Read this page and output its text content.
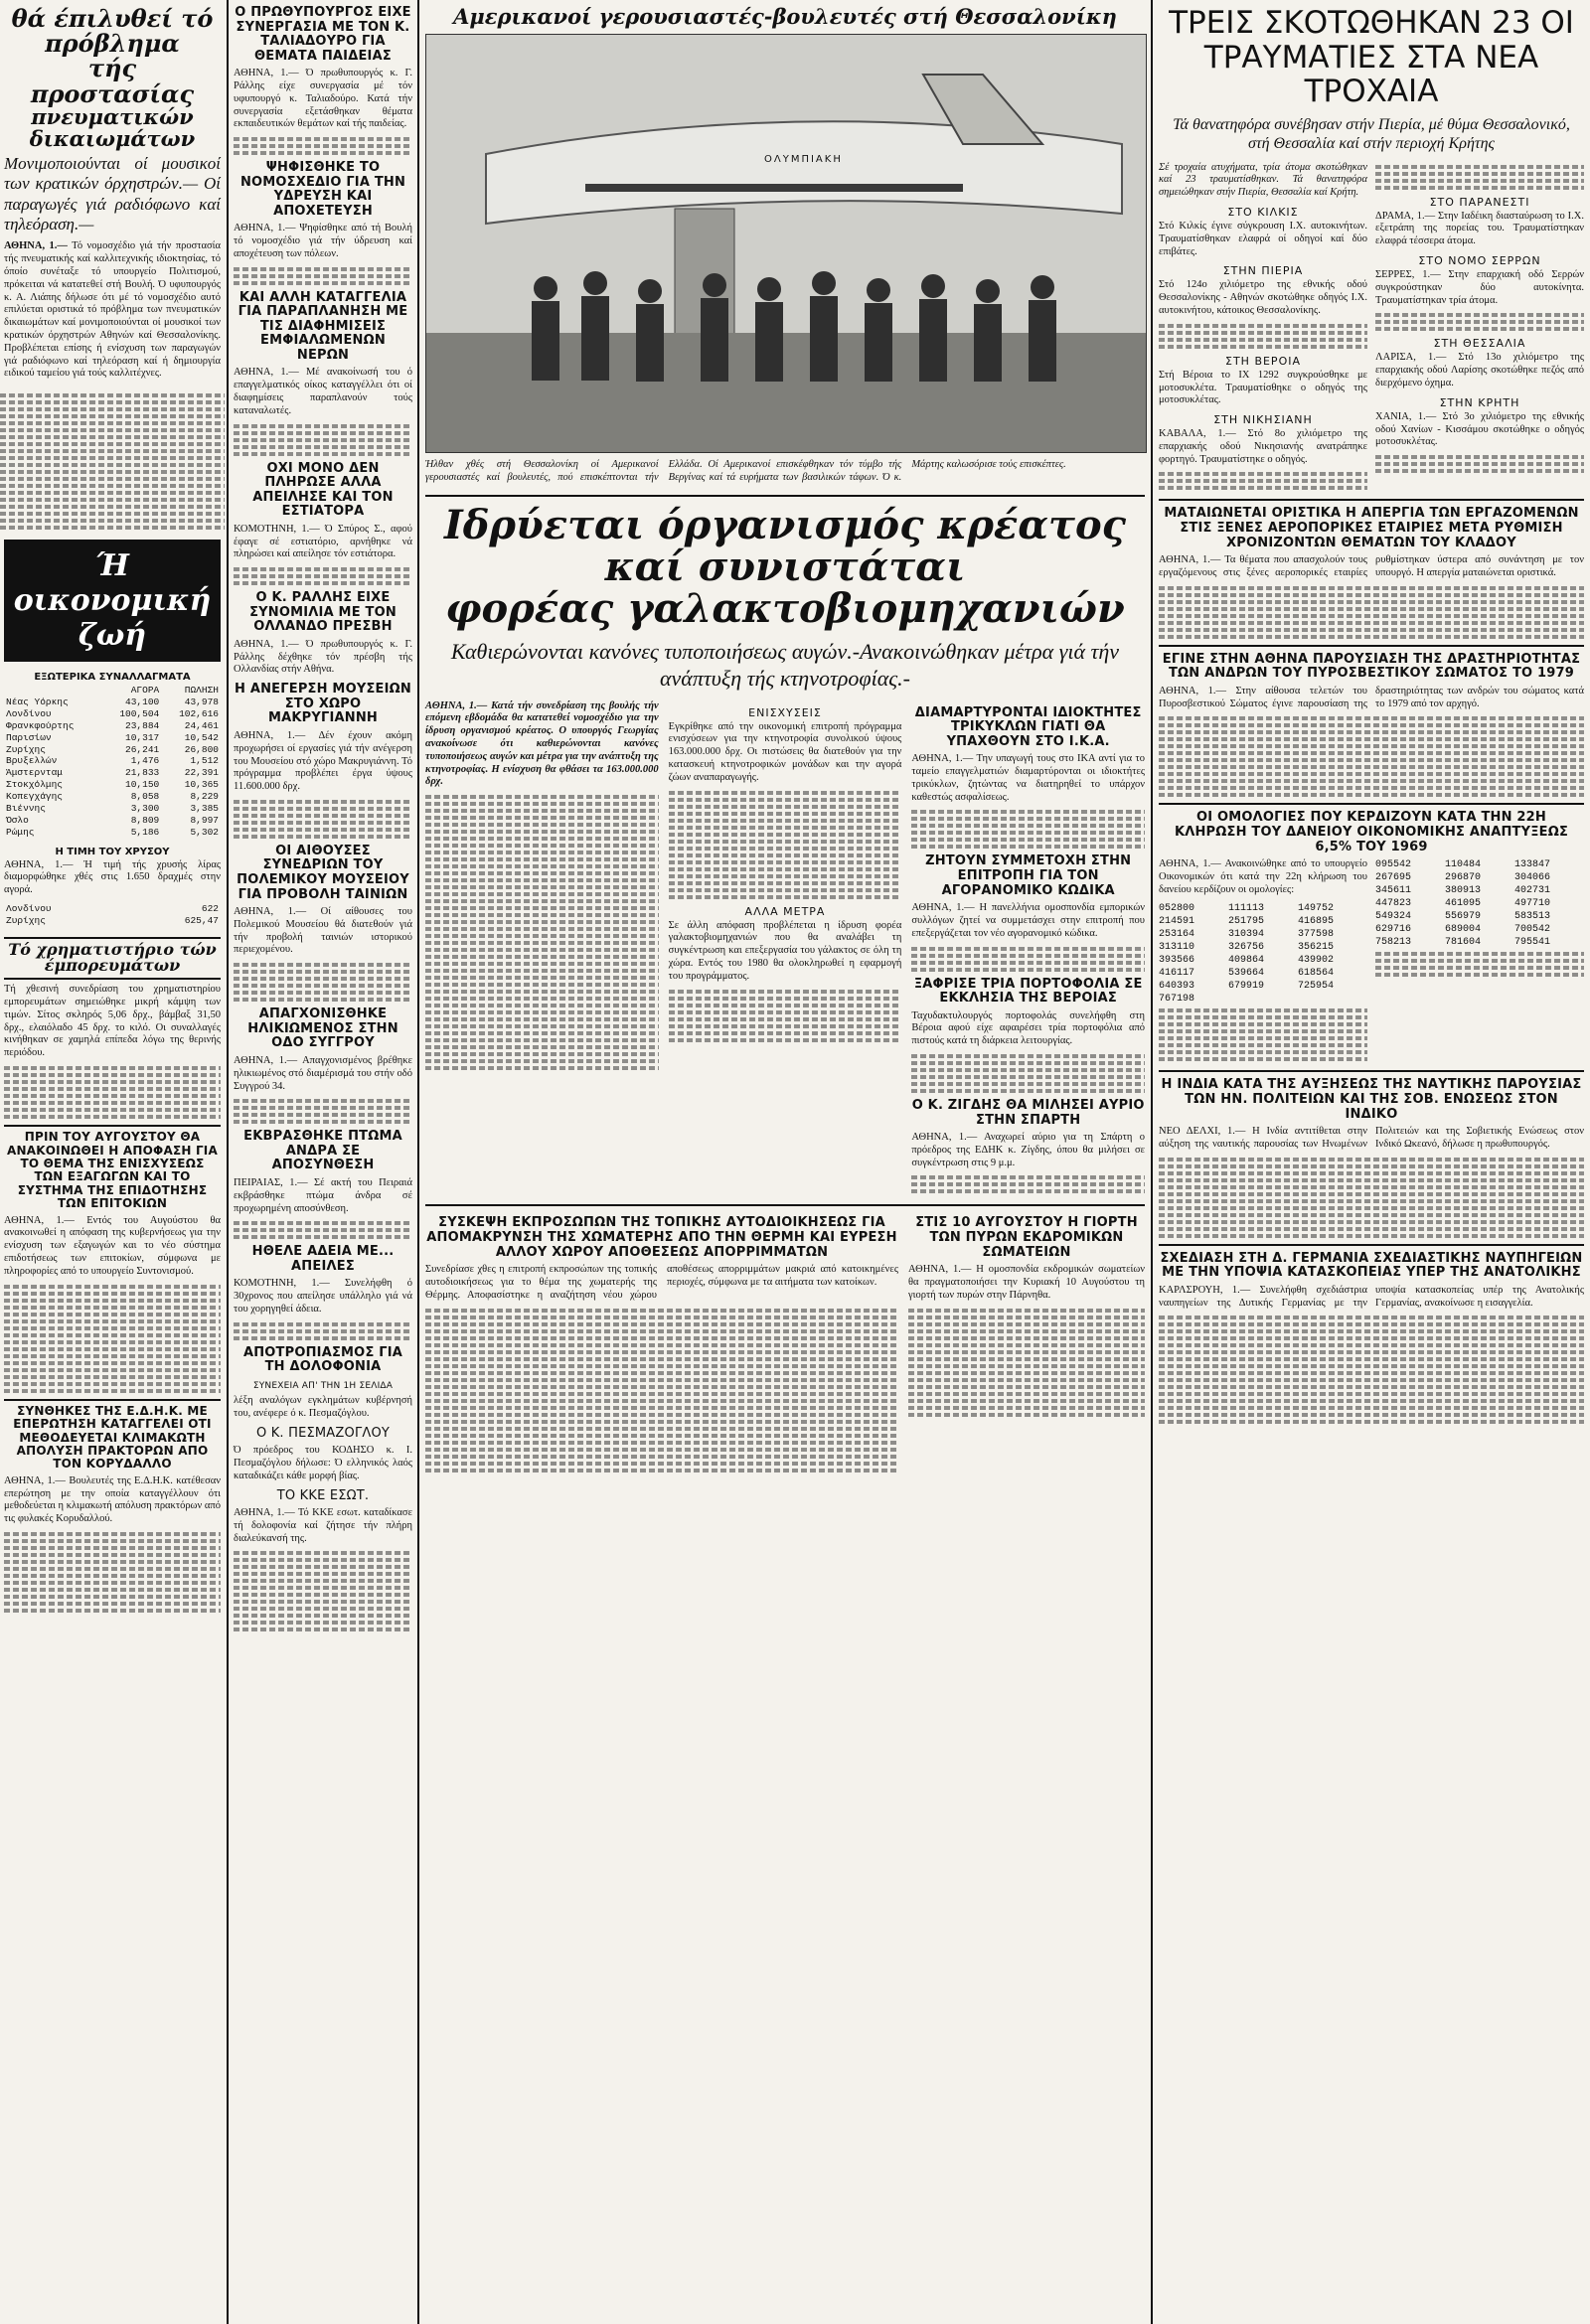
θά έπιλυθεί τό πρόβλημα
τής προστασίας
πνευματικών δικαιωμάτων
Μονιμοποιούνται οί μουσικοί των κρατικών όρχηστρών.— Οί παραγωγές γιά ραδιόφωνο καί τηλεόραση.—
ΑΘΗΝΑ, 1.— Τό νομοσχέδιο γιά τήν προστασία τής πνευματικής καί καλλιτεχνικής ιδιοκτησίας, τό όποίο συνέταξε τό υπουργείο Πολιτισμού, πρόκειται νά κατατεθεί στή Βουλή. Ό υφυπουργός κ. Α. Λιάπης δήλωσε ότι μέ τό νομοσχέδιο αυτό επιλύεται οριστικά τό πρόβλημα των πνευματικών δικαιωμάτων καί μονιμοποιούνται οί μουσικοί των κρατικών όρχηστρών Αθηνών καί Θεσσαλονίκης. Προβλέπεται επίσης ή ενίσχυση των παραγωγών γιά ραδιόφωνο καί τηλεόραση καί ή δημιουργία ειδικού ταμείου γιά τούς καλλιτέχνες.
Ή οικονομική ζωή
ΕΞΩΤΕΡΙΚΑ ΣΥΝΑΛΛΑΓΜΑΤΑ
	ΑΓΟΡΑ	ΠΩΛΗΣΗ
Νέας Υόρκης	43,100	43,978
Λονδίνου	100,504	102,616
Φρανκφούρτης	23,884	24,461
Παρισίων	10,317	10,542
Ζυρίχης	26,241	26,800
Βρυξελλών	1,476	1,512
Άμστερνταμ	21,833	22,391
Στοκχόλμης	10,150	10,365
Κοπεγχάγης	8,058	8,229
Βιέννης	3,300	3,385
Όσλο	8,809	8,997
Ρώμης	5,186	5,302
Η ΤΙΜΗ ΤΟΥ ΧΡΥΣΟΥ
ΑΘΗΝΑ, 1.— Ή τιμή τής χρυσής λίρας διαμορφώθηκε χθές στις 1.650 δραχμές στην αγορά.
Λονδίνου	622
Ζυρίχης	625,47
Τό χρηματιστήριο τών έμπορευμάτων
Τή χθεσινή συνεδρίαση του χρηματιστηρίου εμπορευμάτων σημειώθηκε μικρή κάμψη των τιμών. Σίτος σκληρός 5,06 δρχ., βάμβαξ 31,50 δρχ., ελαιόλαδο 45 δρχ. το κιλό. Οι συναλλαγές κινήθηκαν σε χαμηλά επίπεδα λόγω της θερινής περιόδου.
ΠΡΙΝ ΤΟΥ ΑΥΓΟΥΣΤΟΥ ΘΑ ΑΝΑΚΟΙΝΩΘΕΙ Η ΑΠΟΦΑΣΗ ΓΙΑ ΤΟ ΘΕΜΑ ΤΗΣ ΕΝΙΣΧΥΣΕΩΣ ΤΩΝ ΕΞΑΓΩΓΩΝ ΚΑΙ ΤΟ ΣΥΣΤΗΜΑ ΤΗΣ ΕΠΙΔΟΤΗΣΗΣ ΤΩΝ ΕΠΙΤΟΚΙΩΝ
ΑΘΗΝΑ, 1.— Εντός του Αυγούστου θα ανακοινωθεί η απόφαση της κυβερνήσεως για την ενίσχυση των εξαγωγών και το νέο σύστημα επιδοτήσεως των επιτοκίων, σύμφωνα με πληροφορίες από το υπουργείο Συντονισμού.
ΣΥΝΘΗΚΕΣ ΤΗΣ Ε.Δ.Η.Κ. ΜΕ ΕΠΕΡΩΤΗΣΗ ΚΑΤΑΓΓΕΛΕΙ ΟΤΙ ΜΕΘΟΔΕΥΕΤΑΙ ΚΛΙΜΑΚΩΤΗ ΑΠΟΛΥΣΗ ΠΡΑΚΤΟΡΩΝ ΑΠΟ ΤΟΝ ΚΟΡΥΔΑΛΛΟ
ΑΘΗΝΑ, 1.— Βουλευτές της Ε.Δ.Η.Κ. κατέθεσαν επερώτηση με την οποία καταγγέλλουν ότι μεθοδεύεται η κλιμακωτή απόλυση πρακτόρων από τις φυλακές Κορυδαλλού.
Ο ΠΡΩΘΥΠΟΥΡΓΟΣ ΕΙΧΕ ΣΥΝΕΡΓΑΣΙΑ ΜΕ ΤΟΝ Κ. ΤΑΛΙΑΔΟΥΡΟ ΓΙΑ ΘΕΜΑΤΑ ΠΑΙΔΕΙΑΣ
ΑΘΗΝΑ, 1.— Ό πρωθυπουργός κ. Γ. Ράλλης είχε συνεργασία μέ τόν υφυπουργό κ. Ταλιαδούρο. Κατά τήν συνεργασία εξετάσθηκαν θέματα εκπαιδευτικών θεμάτων καί τής παιδείας.
ΨΗΦΙΣΘΗΚΕ ΤΟ ΝΟΜΟΣΧΕΔΙΟ ΓΙΑ ΤΗΝ ΥΔΡΕΥΣΗ ΚΑΙ ΑΠΟΧΕΤΕΥΣΗ
ΑΘΗΝΑ, 1.— Ψηφίσθηκε από τή Βουλή τό νομοσχέδιο γιά τήν ύδρευση καί αποχέτευση των πόλεων.
ΚΑΙ ΑΛΛΗ ΚΑΤΑΓΓΕΛΙΑ ΓΙΑ ΠΑΡΑΠΛΑΝΗΣΗ ΜΕ ΤΙΣ ΔΙΑΦΗΜΙΣΕΙΣ ΕΜΦΙΑΛΩΜΕΝΩΝ ΝΕΡΩΝ
ΑΘΗΝΑ, 1.— Μέ ανακοίνωσή του ό επαγγελματικός οίκος καταγγέλλει ότι οί διαφημίσεις παραπλανούν τούς καταναλωτές.
ΟΧΙ ΜΟΝΟ ΔΕΝ ΠΛΗΡΩΣΕ ΑΛΛΑ ΑΠΕΙΛΗΣΕ ΚΑΙ ΤΟΝ ΕΣΤΙΑΤΟΡΑ
ΚΟΜΟΤΗΝΗ, 1.— Ό Σπύρος Σ., αφού έφαγε σέ εστιατόριο, αρνήθηκε νά πληρώσει καί απείλησε τόν εστιάτορα.
Ο Κ. ΡΑΛΛΗΣ ΕΙΧΕ ΣΥΝΟΜΙΛΙΑ ΜΕ ΤΟΝ ΟΛΛΑΝΔΟ ΠΡΕΣΒΗ
ΑΘΗΝΑ, 1.— Ό πρωθυπουργός κ. Γ. Ράλλης δέχθηκε τόν πρέσβη τής Ολλανδίας στήν Αθήνα.
Η ΑΝΕΓΕΡΣΗ ΜΟΥΣΕΙΩΝ ΣΤΟ ΧΩΡΟ ΜΑΚΡΥΓΙΑΝΝΗ
ΑΘΗΝΑ, 1.— Δέν έχουν ακόμη προχωρήσει οί εργασίες γιά τήν ανέγερση του Μουσείου στό χώρο Μακρυγιάννη. Τό πρόγραμμα προβλέπει έργα ύψους 11.600.000 δρχ.
ΟΙ ΑΙΘΟΥΣΕΣ ΣΥΝΕΔΡΙΩΝ ΤΟΥ ΠΟΛΕΜΙΚΟΥ ΜΟΥΣΕΙΟΥ ΓΙΑ ΠΡΟΒΟΛΗ ΤΑΙΝΙΩΝ
ΑΘΗΝΑ, 1.— Οί αίθουσες του Πολεμικού Μουσείου θά διατεθούν γιά τήν προβολή ταινιών ιστορικού περιεχομένου.
ΑΠΑΓΧΟΝΙΣΘΗΚΕ ΗΛΙΚΙΩΜΕΝΟΣ ΣΤΗΝ ΟΔΟ ΣΥΓΓΡΟΥ
ΑΘΗΝΑ, 1.— Απαγχονισμένος βρέθηκε ηλικιωμένος στό διαμέρισμά του στήν οδό Συγγρού 34.
ΕΚΒΡΑΣΘΗΚΕ ΠΤΩΜΑ ΑΝΔΡΑ ΣΕ ΑΠΟΣΥΝΘΕΣΗ
ΠΕΙΡΑΙΑΣ, 1.— Σέ ακτή του Πειραιά εκβράσθηκε πτώμα άνδρα σέ προχωρημένη αποσύνθεση.
ΗΘΕΛΕ ΑΔΕΙΑ ΜΕ... ΑΠΕΙΛΕΣ
ΚΟΜΟΤΗΝΗ, 1.— Συνελήφθη ό 30χρονος που απείλησε υπάλληλο γιά νά του χορηγηθεί άδεια.
ΑΠΟΤΡΟΠΙΑΣΜΟΣ ΓΙΑ ΤΗ ΔΟΛΟΦΟΝΙΑ
ΣΥΝΕΧΕΙΑ ΑΠ' ΤΗΝ 1Η ΣΕΛΙΔΑ
λέξη αναλόγων εγκλημάτων κυβέρνησή του, ανέφερε ό κ. Πεσμαζόγλου.
Ο Κ. ΠΕΣΜΑΖΟΓΛΟΥ
Ό πρόεδρος του ΚΟΔΗΣΟ κ. Ι. Πεσμαζόγλου δήλωσε: Ό ελληνικός λαός καταδικάζει κάθε μορφή βίας.
ΤΟ ΚΚΕ ΕΣΩΤ.
ΑΘΗΝΑ, 1.— Τό ΚΚΕ εσωτ. καταδίκασε τή δολοφονία καί ζήτησε τήν πλήρη διαλεύκανσή της.
Αμερικανοί γερουσιαστές-βουλευτές στή Θεσσαλονίκη
ΟΛΥΜΠΙΑΚΗ
Ήλθαν χθές στή Θεσσαλονίκη οί Αμερικανοί γερουσιαστές καί βουλευτές, πού επισκέπτονται τήν Ελλάδα. Οί Αμερικανοί επισκέφθηκαν τόν τύμβο τής Βεργίνας καί τά ευρήματα των βασιλικών τάφων. Ό κ. Μάρτης καλωσόρισε τούς επισκέπτες.
Ιδρύεται όργανισμός κρέατος
καί συνιστάται
φορέας γαλακτοβιομηχανιών
Καθιερώνονται κανόνες τυποποιήσεως αυγών.-Ανακοινώθηκαν μέτρα γιά τήν ανάπτυξη τής κτηνοτροφίας.-
ΑΘΗΝΑ, 1.— Κατά τήν συνεδρίαση της βουλής τήν επόμενη εβδομάδα θα κατατεθεί νομοσχέδιο για την ίδρυση οργανισμού κρέατος. Ο υπουργός Γεωργίας ανακοίνωσε ότι καθιερώνονται κανόνες τυποποιήσεως αυγών και μέτρα για την ανάπτυξη της κτηνοτροφίας. Η ενίσχυση θα φθάσει τα 163.000.000 δρχ.
ΕΝΙΣΧΥΣΕΙΣ
Εγκρίθηκε από την οικονομική επιτροπή πρόγραμμα ενισχύσεων για την κτηνοτροφία συνολικού ύψους 163.000.000 δρχ. Οι πιστώσεις θα διατεθούν για την κατασκευή κτηνοτροφικών μονάδων και την αγορά ζώων αναπαραγωγής.
ΑΛΛΑ ΜΕΤΡΑ
Σε άλλη απόφαση προβλέπεται η ίδρυση φορέα γαλακτοβιομηχανιών που θα αναλάβει τη συγκέντρωση και επεξεργασία του γάλακτος σε όλη τη χώρα. Εντός του 1980 θα ολοκληρωθεί η εφαρμογή του προγράμματος.
ΔΙΑΜΑΡΤΥΡΟΝΤΑΙ ΙΔΙΟΚΤΗΤΕΣ ΤΡΙΚΥΚΛΩΝ ΓΙΑΤΙ ΘΑ ΥΠΑΧΘΟΥΝ ΣΤΟ Ι.Κ.Α.
ΑΘΗΝΑ, 1.— Την υπαγωγή τους στο ΙΚΑ αντί για το ταμείο επαγγελματιών διαμαρτύρονται οι ιδιοκτήτες τρικύκλων, ζητώντας να διατηρηθεί το υπάρχον καθεστώς ασφαλίσεως.
ΖΗΤΟΥΝ ΣΥΜΜΕΤΟΧΗ ΣΤΗΝ ΕΠΙΤΡΟΠΗ ΓΙΑ ΤΟΝ ΑΓΟΡΑΝΟΜΙΚΟ ΚΩΔΙΚΑ
ΑΘΗΝΑ, 1.— Η πανελλήνια ομοσπονδία εμπορικών συλλόγων ζητεί να συμμετάσχει στην επιτροπή που επεξεργάζεται τον νέο αγορανομικό κώδικα.
ΞΑΦΡΙΣΕ ΤΡΙΑ ΠΟΡΤΟΦΟΛΙΑ ΣΕ ΕΚΚΛΗΣΙΑ ΤΗΣ ΒΕΡΟΙΑΣ
Ταχυδακτυλουργός πορτοφολάς συνελήφθη στη Βέροια αφού είχε αφαιρέσει τρία πορτοφόλια από πιστούς κατά τη διάρκεια λειτουργίας.
Ο Κ. ΖΙΓΔΗΣ ΘΑ ΜΙΛΗΣΕΙ ΑΥΡΙΟ ΣΤΗΝ ΣΠΑΡΤΗ
ΑΘΗΝΑ, 1.— Αναχωρεί αύριο για τη Σπάρτη ο πρόεδρος της ΕΔΗΚ κ. Ζίγδης, όπου θα μιλήσει σε συγκέντρωση στις 9 μ.μ.
ΣΥΣΚΕΨΗ ΕΚΠΡΟΣΩΠΩΝ ΤΗΣ ΤΟΠΙΚΗΣ ΑΥΤΟΔΙΟΙΚΗΣΕΩΣ ΓΙΑ ΑΠΟΜΑΚΡΥΝΣΗ ΤΗΣ ΧΩΜΑΤΕΡΗΣ ΑΠΟ ΤΗΝ ΘΕΡΜΗ ΚΑΙ ΕΥΡΕΣΗ ΑΛΛΟΥ ΧΩΡΟΥ ΑΠΟΘΕΣΕΩΣ ΑΠΟΡΡΙΜΜΑΤΩΝ
Συνεδρίασε χθες η επιτροπή εκπροσώπων της τοπικής αυτοδιοικήσεως για το θέμα της χωματερής της Θέρμης. Αποφασίστηκε η αναζήτηση νέου χώρου αποθέσεως απορριμμάτων μακριά από κατοικημένες περιοχές, σύμφωνα με τα αιτήματα των κατοίκων.
ΣΤΙΣ 10 ΑΥΓΟΥΣΤΟΥ Η ΓΙΟΡΤΗ ΤΩΝ ΠΥΡΩΝ ΕΚΔΡΟΜΙΚΩΝ ΣΩΜΑΤΕΙΩΝ
ΑΘΗΝΑ, 1.— Η ομοσπονδία εκδρομικών σωματείων θα πραγματοποιήσει την Κυριακή 10 Αυγούστου τη γιορτή των πυρών στην Πάρνηθα.
ΤΡΕΙΣ ΣΚΟΤΩΘΗΚΑΝ 23 ΟΙ ΤΡΑΥΜΑΤΙΕΣ ΣΤΑ ΝΕΑ ΤΡΟΧΑΙΑ
Τά θανατηφόρα συνέβησαν στήν Πιερία, μέ θύμα Θεσσαλονικό, στή Θεσσαλία καί στήν περιοχή Κρήτης
Σέ τροχαία ατυχήματα, τρία άτομα σκοτώθηκαν καί 23 τραυματίσθηκαν. Τά θανατηφόρα σημειώθηκαν στήν Πιερία, Θεσσαλία καί Κρήτη.
ΣΤΟ ΚΙΛΚΙΣ
Στό Κιλκίς έγινε σύγκρουση Ι.Χ. αυτοκινήτων. Τραυματίσθηκαν ελαφρά οί οδηγοί καί δύο επιβάτες.
ΣΤΗΝ ΠΙΕΡΙΑ
Στό 124ο χιλιόμετρο της εθνικής οδού Θεσσαλονίκης - Αθηνών σκοτώθηκε οδηγός Ι.Χ. αυτοκινήτου, κάτοικος Θεσσαλονίκης.
ΣΤΗ ΒΕΡΟΙΑ
Στή Βέροια το ΙΧ 1292 συγκρούσθηκε με μοτοσυκλέτα. Τραυματίσθηκε ο οδηγός της μοτοσυκλέτας.
ΣΤΗ ΝΙΚΗΣΙΑΝΗ
ΚΑΒΑΛΑ, 1.— Στό 8ο χιλιόμετρο της επαρχιακής οδού Νικησιανής ανατράπηκε φορτηγό. Τραυματίστηκε ο οδηγός.
ΣΤΟ ΠΑΡΑΝΕΣΤΙ
ΔΡΑΜΑ, 1.— Στην Ιαδέικη διασταύρωση το Ι.Χ. εξετράπη της πορείας του. Τραυματίστηκαν ελαφρά τέσσερα άτομα.
ΣΤΟ ΝΟΜΟ ΣΕΡΡΩΝ
ΣΕΡΡΕΣ, 1.— Στην επαρχιακή οδό Σερρών συγκρούστηκαν δύο αυτοκίνητα. Τραυματίστηκαν τρία άτομα.
ΣΤΗ ΘΕΣΣΑΛΙΑ
ΛΑΡΙΣΑ, 1.— Στό 13ο χιλιόμετρο της επαρχιακής οδού Λαρίσης σκοτώθηκε πεζός από διερχόμενο όχημα.
ΣΤΗΝ ΚΡΗΤΗ
ΧΑΝΙΑ, 1.— Στό 3ο χιλιόμετρο της εθνικής οδού Χανίων - Κισσάμου σκοτώθηκε ο οδηγός μοτοσυκλέτας.
ΜΑΤΑΙΩΝΕΤΑΙ ΟΡΙΣΤΙΚΑ Η ΑΠΕΡΓΙΑ ΤΩΝ ΕΡΓΑΖΟΜΕΝΩΝ ΣΤΙΣ ΞΕΝΕΣ ΑΕΡΟΠΟΡΙΚΕΣ ΕΤΑΙΡΙΕΣ ΜΕΤΑ ΡΥΘΜΙΣΗ ΧΡΟΝΙΖΟΝΤΩΝ ΘΕΜΑΤΩΝ ΤΟΥ ΚΛΑΔΟΥ
ΑΘΗΝΑ, 1.— Τα θέματα που απασχολούν τους εργαζόμενους στις ξένες αεροπορικές εταιρίες ρυθμίστηκαν ύστερα από συνάντηση με τον υπουργό. Η απεργία ματαιώνεται οριστικά.
ΕΓΙΝΕ ΣΤΗΝ ΑΘΗΝΑ ΠΑΡΟΥΣΙΑΣΗ ΤΗΣ ΔΡΑΣΤΗΡΙΟΤΗΤΑΣ ΤΩΝ ΑΝΔΡΩΝ ΤΟΥ ΠΥΡΟΣΒΕΣΤΙΚΟΥ ΣΩΜΑΤΟΣ ΤΟ 1979
ΑΘΗΝΑ, 1.— Στην αίθουσα τελετών του Πυροσβεστικού Σώματος έγινε παρουσίαση της δραστηριότητας των ανδρών του σώματος κατά το 1979 από τον αρχηγό.
ΟΙ ΟΜΟΛΟΓΙΕΣ ΠΟΥ ΚΕΡΔΙΖΟΥΝ ΚΑΤΑ ΤΗΝ 22Η ΚΛΗΡΩΣΗ ΤΟΥ ΔΑΝΕΙΟΥ ΟΙΚΟΝΟΜΙΚΗΣ ΑΝΑΠΤΥΞΕΩΣ 6,5% ΤΟΥ 1969
ΑΘΗΝΑ, 1.— Ανακοινώθηκε από το υπουργείο Οικονομικών ότι κατά την 22η κλήρωση του δανείου κερδίζουν οι ομολογίες:
052800	111113	149752
214591	251795	416895
253164	310394	377598
313110	326756	356215
393566	409864	439902
416117	539664	618564
640393	679919	725954
767198
095542	110484	133847
267695	296870	304066
345611	380913	402731
447823	461095	497710
549324	556979	583513
629716	689004	700542
758213	781604	795541
Η ΙΝΔΙΑ ΚΑΤΑ ΤΗΣ ΑΥΞΗΣΕΩΣ ΤΗΣ ΝΑΥΤΙΚΗΣ ΠΑΡΟΥΣΙΑΣ ΤΩΝ ΗΝ. ΠΟΛΙΤΕΙΩΝ ΚΑΙ ΤΗΣ ΣΟΒ. ΕΝΩΣΕΩΣ ΣΤΟΝ ΙΝΔΙΚΟ
ΝΕΟ ΔΕΛΧΙ, 1.— Η Ινδία αντιτίθεται στην αύξηση της ναυτικής παρουσίας των Ηνωμένων Πολιτειών και της Σοβιετικής Ενώσεως στον Ινδικό Ωκεανό, δήλωσε η πρωθυπουργός.
ΣΧΕΔΙΑΣΗ ΣΤΗ Δ. ΓΕΡΜΑΝΙΑ ΣΧΕΔΙΑΣΤΙΚΗΣ ΝΑΥΠΗΓΕΙΩΝ ΜΕ ΤΗΝ ΥΠΟΨΙΑ ΚΑΤΑΣΚΟΠΕΙΑΣ ΥΠΕΡ ΤΗΣ ΑΝΑΤΟΛΙΚΗΣ
ΚΑΡΛΣΡΟΥΗ, 1.— Συνελήφθη σχεδιάστρια ναυπηγείων της Δυτικής Γερμανίας με την υποψία κατασκοπείας υπέρ της Ανατολικής Γερμανίας, ανακοίνωσε η εισαγγελία.
